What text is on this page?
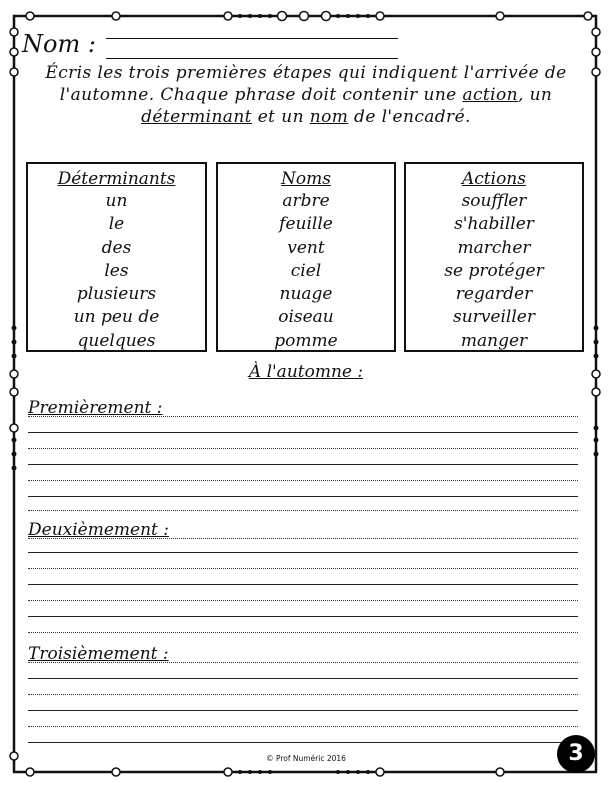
Nom :
Écris les trois premières étapes qui indiquent l'arrivée de l'automne. Chaque phrase doit contenir une action, un déterminant et un nom de l'encadré.
Déterminants
un
le
des
les
plusieurs
un peu de
quelques
Noms
arbre
feuille
vent
ciel
nuage
oiseau
pomme
Actions
souffler
s'habiller
marcher
se protéger
regarder
surveiller
manger
À l'automne :
Premièrement :
Deuxièmement :
Troisièmement :
© Prof Numéric 2016	3
